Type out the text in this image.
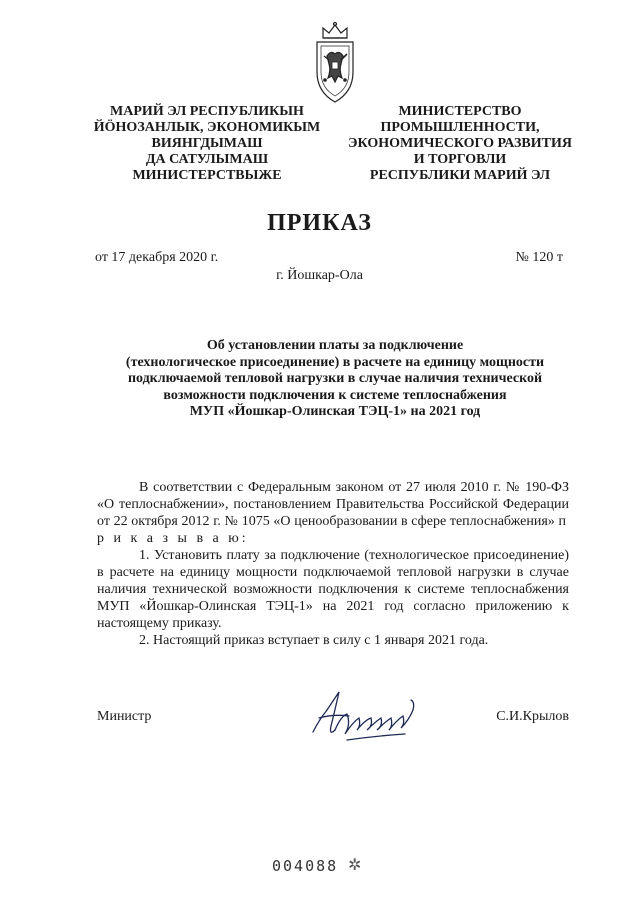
МАРИЙ ЭЛ РЕСПУБЛИКЫН
ЙӦНОЗАНЛЫК, ЭКОНОМИКЫМ
ВИЯНГДЫМАШ
ДА САТУЛЫМАШ
МИНИСТЕРСТВЫЖЕ
МИНИСТЕРСТВО
ПРОМЫШЛЕННОСТИ,
ЭКОНОМИЧЕСКОГО РАЗВИТИЯ
И ТОРГОВЛИ
РЕСПУБЛИКИ МАРИЙ ЭЛ
ПРИКАЗ
от 17 декабря 2020 г.	№ 120 т
г. Йошкар-Ола
Об установлении платы за подключение
(технологическое присоединение) в расчете на единицу мощности
подключаемой тепловой нагрузки в случае наличия технической
возможности подключения к системе теплоснабжения
МУП «Йошкар-Олинская ТЭЦ-1» на 2021 год

В соответствии с Федеральным законом от 27 июля 2010 г. № 190-ФЗ «О теплоснабжении», постановлением Правительства Российской Федерации от 22 октября 2012 г. № 1075 «О ценообразовании в сфере теплоснабжения» п р и к а з ы в а ю:

1. Установить плату за подключение (технологическое присоединение) в расчете на единицу мощности подключаемой тепловой нагрузки в случае наличия технической возможности подключения к системе теплоснабжения МУП «Йошкар-Олинская ТЭЦ-1» на 2021 год согласно приложению к настоящему приказу.

2. Настоящий приказ вступает в силу с 1 января 2021 года.

Министр	С.И.Крылов
004088 ✲
